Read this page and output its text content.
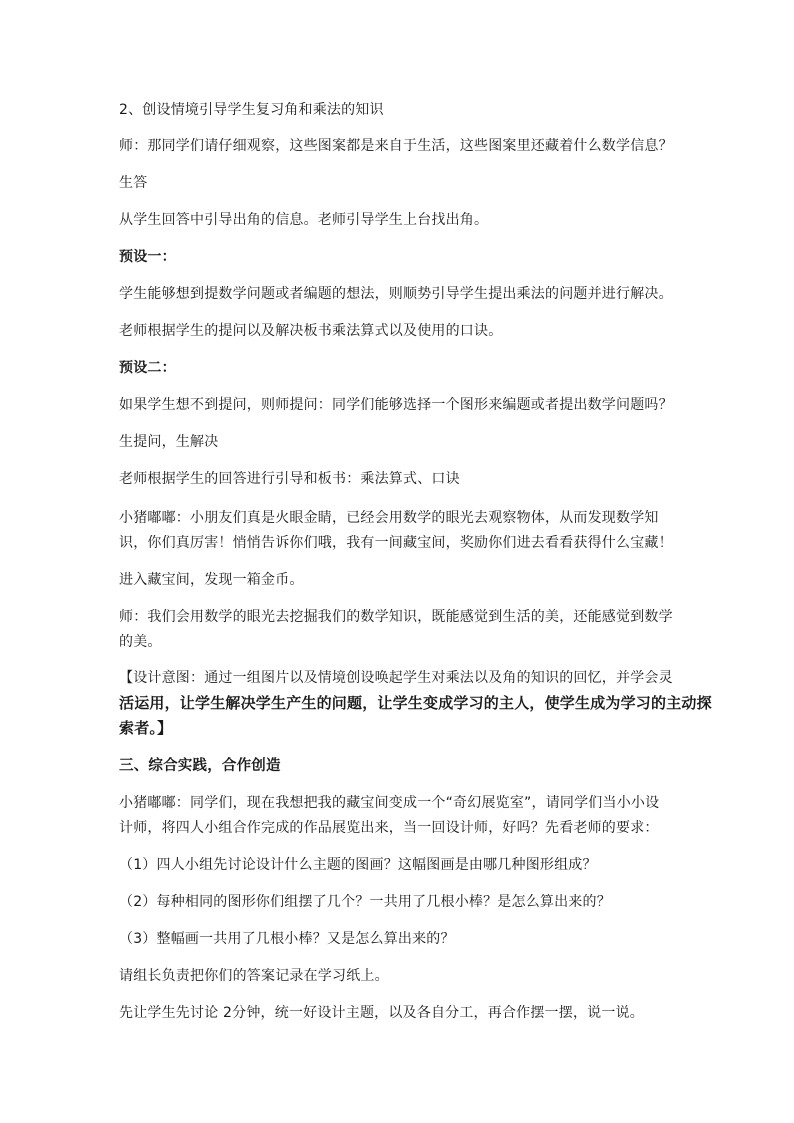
2、创设情境引导学生复习角和乘法的知识
师：那同学们请仔细观察，这些图案都是来自于生活，这些图案里还藏着什么数学信息？
生答
从学生回答中引导出角的信息。老师引导学生上台找出角。
预设一：
学生能够想到提数学问题或者编题的想法，则顺势引导学生提出乘法的问题并进行解决。
老师根据学生的提问以及解决板书乘法算式以及使用的口诀。
预设二：
如果学生想不到提问，则师提问：同学们能够选择一个图形来编题或者提出数学问题吗？
生提问，生解决
老师根据学生的回答进行引导和板书：乘法算式、口诀
小猪嘟嘟：小朋友们真是火眼金睛，已经会用数学的眼光去观察物体，从而发现数学知
识，你们真厉害！悄悄告诉你们哦，我有一间藏宝间，奖励你们进去看看获得什么宝藏！
进入藏宝间，发现一箱金币。
师：我们会用数学的眼光去挖掘我们的数学知识，既能感觉到生活的美，还能感觉到数学
的美。
【设计意图：通过一组图片以及情境创设唤起学生对乘法以及角的知识的回忆，并学会灵
活运用，让学生解决学生产生的问题，让学生变成学习的主人，使学生成为学习的主动探
索者。】
三、综合实践，合作创造
小猪嘟嘟：同学们，现在我想把我的藏宝间变成一个“奇幻展览室”，请同学们当小小设
计师，将四人小组合作完成的作品展览出来，当一回设计师，好吗？先看老师的要求：
（1）四人小组先讨论设计什么主题的图画？这幅图画是由哪几种图形组成？
（2）每种相同的图形你们组摆了几个？一共用了几根小棒？是怎么算出来的？
（3）整幅画一共用了几根小棒？又是怎么算出来的？
请组长负责把你们的答案记录在学习纸上。
先让学生先讨论 2分钟，统一好设计主题，以及各自分工，再合作摆一摆，说一说。
